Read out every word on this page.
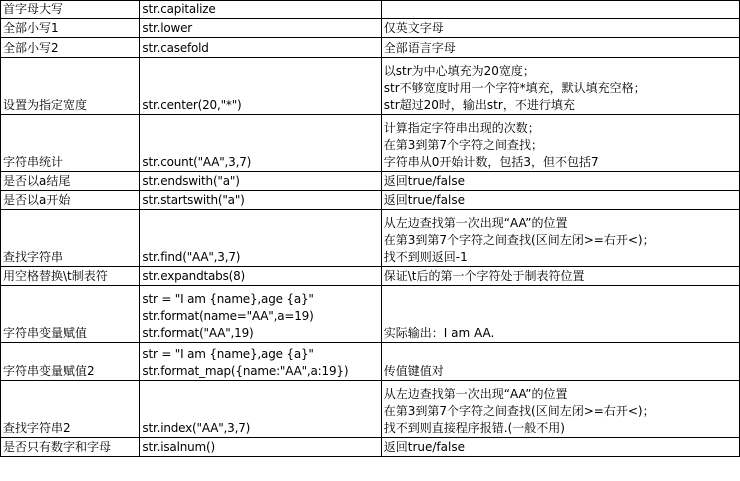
首字母大写	str.capitalize	

全部小写1	str.lower	仅英文字母

全部小写2	str.casefold	全部语言字母

设置为指定宽度	str.center(20,"*")	以str为中心填充为20宽度；
str不够宽度时用一个字符*填充，默认填充空格；
str超过20时，输出str，不进行填充

字符串统计	str.count("AA",3,7)	计算指定字符串出现的次数；
在第3到第7个字符之间查找；
字符串从0开始计数，包括3，但不包括7

是否以a结尾	str.endswith("a")	返回true/false

是否以a开始	str.startswith("a")	返回true/false

查找字符串	str.find("AA",3,7)	从左边查找第一次出现“AA”的位置
在第3到第7个字符之间查找(区间左闭>=右开<)；
找不到则返回-1

用空格替换\t制表符	str.expandtabs(8)	保证\t后的第一个字符处于制表符位置

字符串变量赋值	str = "I am {name},age {a}"
str.format(name="AA",a=19)
str.format("AA",19)	实际输出：I am AA.

字符串变量赋值2	str = "I am {name},age {a}"
str.format_map({name:"AA",a:19})	传值键值对

查找字符串2	str.index("AA",3,7)	从左边查找第一次出现“AA”的位置
在第3到第7个字符之间查找(区间左闭>=右开<)；
找不到则直接程序报错.(一般不用)

是否只有数字和字母	str.isalnum()	返回true/false
